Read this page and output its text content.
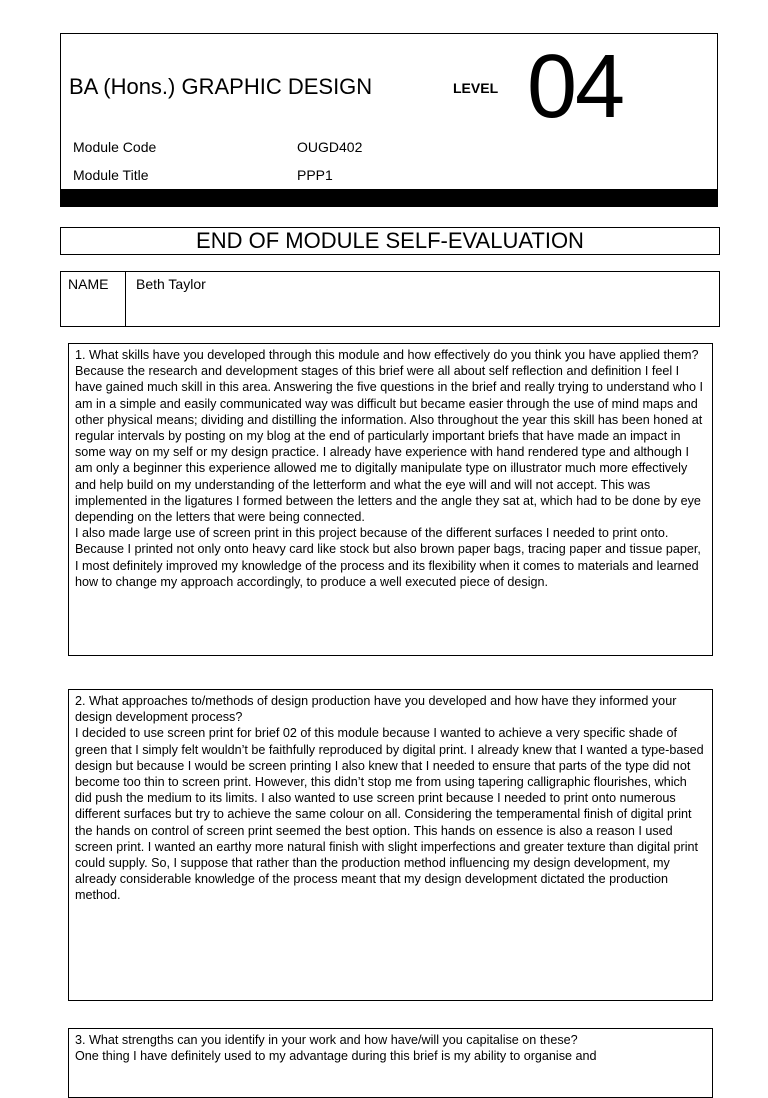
BA (Hons.) GRAPHIC DESIGN	LEVEL 04
Module Code	OUGD402
Module Title	PPP1
END OF MODULE SELF-EVALUATION
NAME Beth Taylor

1. What skills have you developed through this module and how effectively do you think you have applied them?

Because the research and development stages of this brief were all about self reflection and definition I feel I have gained much skill in this area. Answering the five questions in the brief and really trying to understand who I am in a simple and easily communicated way was difficult but became easier through the use of mind maps and other physical means; dividing and distilling the information. Also throughout the year this skill has been honed at regular intervals by posting on my blog at the end of particularly important briefs that have made an impact in some way on my self or my design practice. I already have experience with hand rendered type and although I am only a beginner this experience allowed me to digitally manipulate type on illustrator much more effectively and help build on my understanding of the letterform and what the eye will and will not accept. This was implemented in the ligatures I formed between the letters and the angle they sat at, which had to be done by eye depending on the letters that were being connected.

I also made large use of screen print in this project because of the different surfaces I needed to print onto. Because I printed not only onto heavy card like stock but also brown paper bags, tracing paper and tissue paper, I most definitely improved my knowledge of the process and its flexibility when it comes to materials and learned how to change my approach accordingly, to produce a well executed piece of design.

2. What approaches to/methods of design production have you developed and how have they informed your design development process?

I decided to use screen print for brief 02 of this module because I wanted to achieve a very specific shade of green that I simply felt wouldn’t be faithfully reproduced by digital print. I already knew that I wanted a type-based design but because I would be screen printing I also knew that I needed to ensure that parts of the type did not become too thin to screen print. However, this didn’t stop me from using tapering calligraphic flourishes, which did push the medium to its limits. I also wanted to use screen print because I needed to print onto numerous different surfaces but try to achieve the same colour on all. Considering the temperamental finish of digital print the hands on control of screen print seemed the best option. This hands on essence is also a reason I used screen print. I wanted an earthy more natural finish with slight imperfections and greater texture than digital print could supply. So, I suppose that rather than the production method influencing my design development, my already considerable knowledge of the process meant that my design development dictated the production method.

3. What strengths can you identify in your work and how have/will you capitalise on these?

One thing I have definitely used to my advantage during this brief is my ability to organise and
